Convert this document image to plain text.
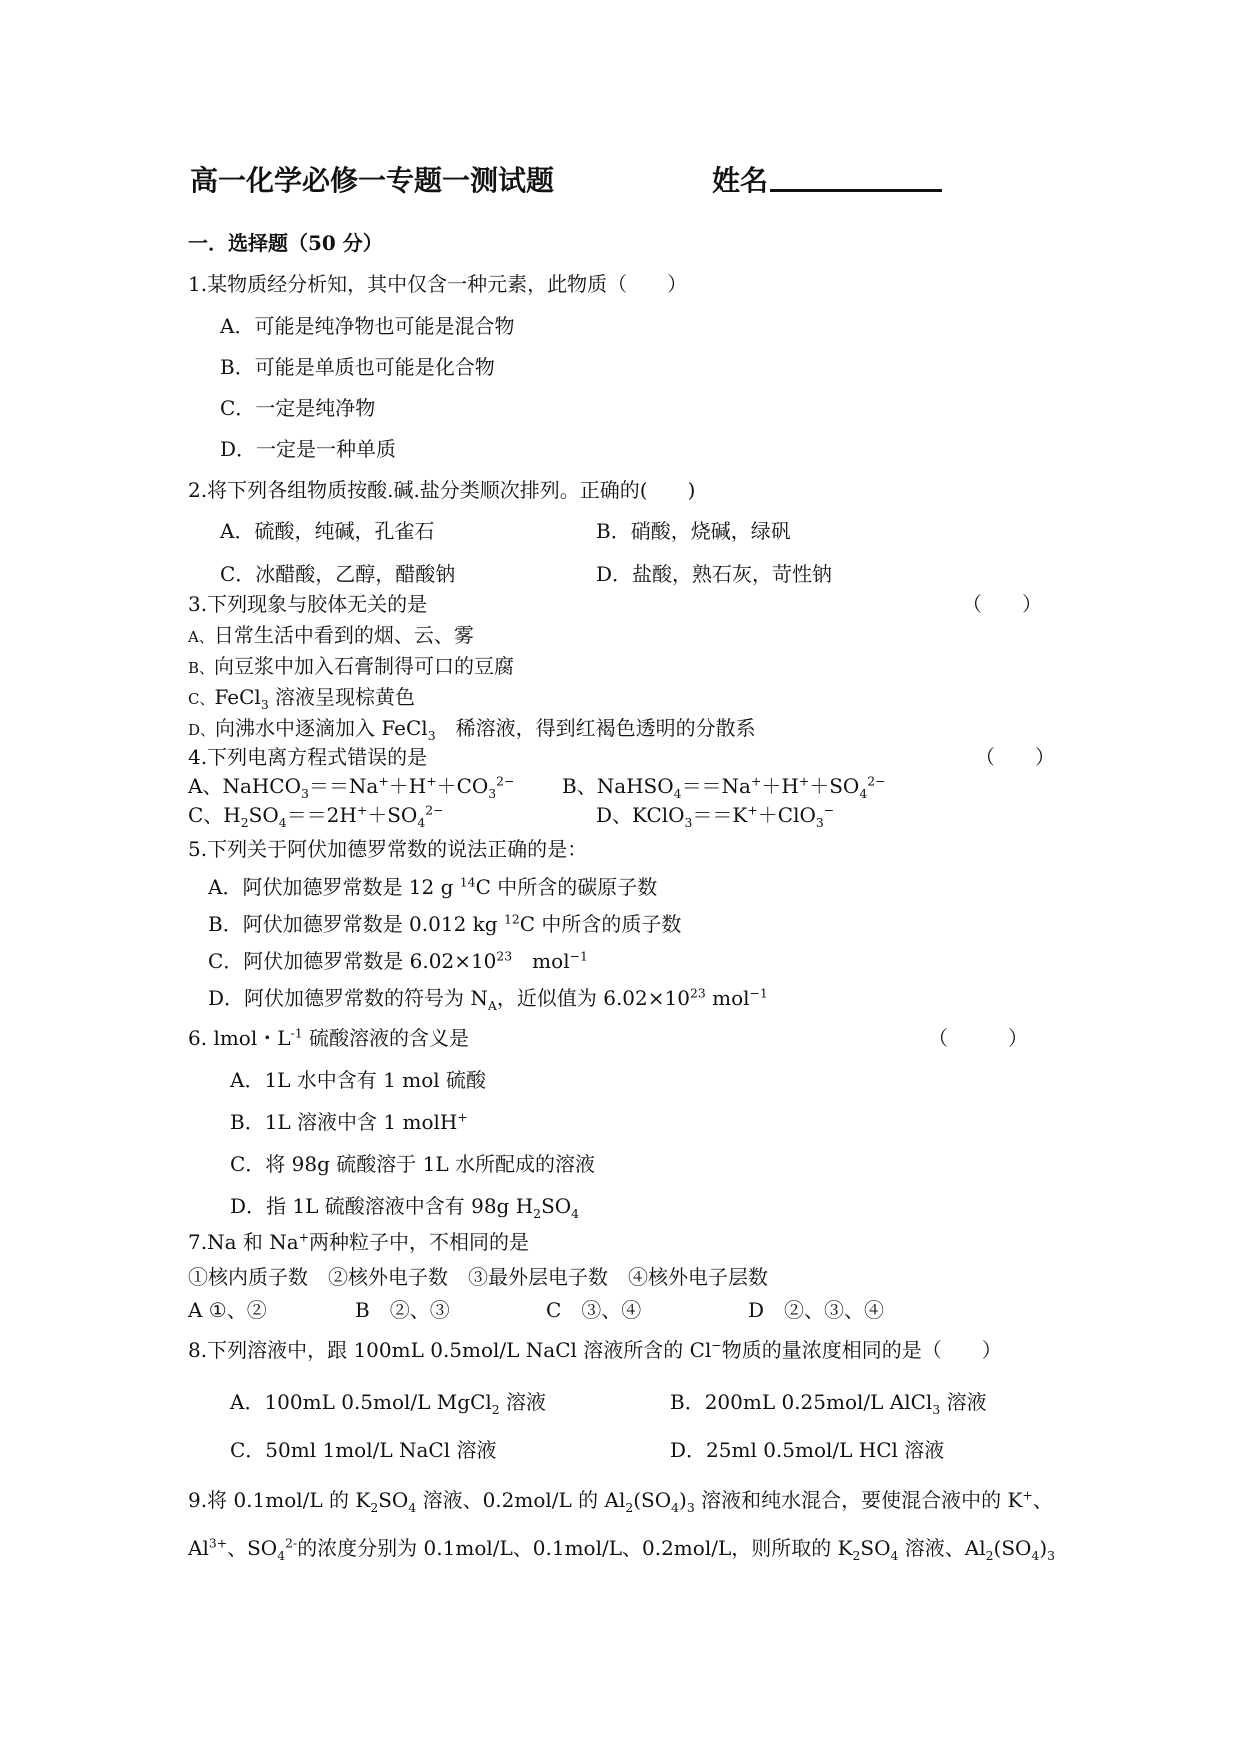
高一化学必修一专题一测试题	姓名
一．选择题（50 分）
1.某物质经分析知，其中仅含一种元素，此物质（　　）
A．可能是纯净物也可能是混合物
B．可能是单质也可能是化合物
C．一定是纯净物
D．一定是一种单质
2.将下列各组物质按酸.碱.盐分类顺次排列。正确的(　　)
A．硫酸，纯碱，孔雀石	B．硝酸，烧碱，绿矾
C．冰醋酸，乙醇，醋酸钠	D．盐酸，熟石灰，苛性钠
3.下列现象与胶体无关的是	（　　）
A、日常生活中看到的烟、云、雾
B、向豆浆中加入石膏制得可口的豆腐
C、FeCl$_3$ 溶液呈现棕黄色
D、向沸水中逐滴加入 FeCl$_3$　稀溶液，得到红褐色透明的分散系
4.下列电离方程式错误的是	（　　）
A、$NaHCO_3==Na^++H^++CO_3^{2-}$ B、$NaHSO_4==Na^++H^++SO_4^{2-}$
C、$H_2SO_4==2H^++SO_4^{2-}$	D、KClO$_3$＝＝K+＋ClO$_3$−
5.下列关于阿伏加德罗常数的说法正确的是：
A．阿伏加德罗常数是 12 g $^{14}$C 中所含的碳原子数
B．阿伏加德罗常数是 0.012 kg $^{12}$C 中所含的质子数
C．阿伏加德罗常数是 $6.02\times 10^{23}$　mol$^{-1}$
D．阿伏加德罗常数的符号为 $N_A$，近似值为 $6.02\times 10^{23}$ mol$^{-1}$
6. lmol・$L^{-1}$ 硫酸溶液的含义是	（　　　）
A．1L 水中含有 1 mol 硫酸
B．1L 溶液中含 1 molH+
C．将 98g 硫酸溶于 1L 水所配成的溶液
D．指 1L 硫酸溶液中含有 98g $H_2SO_4$
7.Na 和 Na+两种粒子中，不相同的是
①核内质子数　②核外电子数　③最外层电子数　④核外电子层数
A ①、②	B　②、③	C　③、④	D　②、③、④
8.下列溶液中，跟 100mL 0.5mol/L NaCl 溶液所含的 Cl−物质的量浓度相同的是（　　）
A．100mL 0.5mol/L MgCl$_2$ 溶液	B．200mL 0.25mol/L AlCl$_3$ 溶液
C．50ml 1mol/L NaCl 溶液	D．25ml 0.5mol/L HCl 溶液
9.将 0.1mol/L 的 $K_2SO_4$ 溶液、0.2mol/L 的 $Al_2(SO_4)_3$ 溶液和纯水混合，要使混合液中的 K+、
$Al^{3+}$、$SO_4^{2-}$的浓度分别为 0.1mol/L、0.1mol/L、0.2mol/L，则所取的 $K_2SO_4$ 溶液、$Al_2(SO_4)_3$
